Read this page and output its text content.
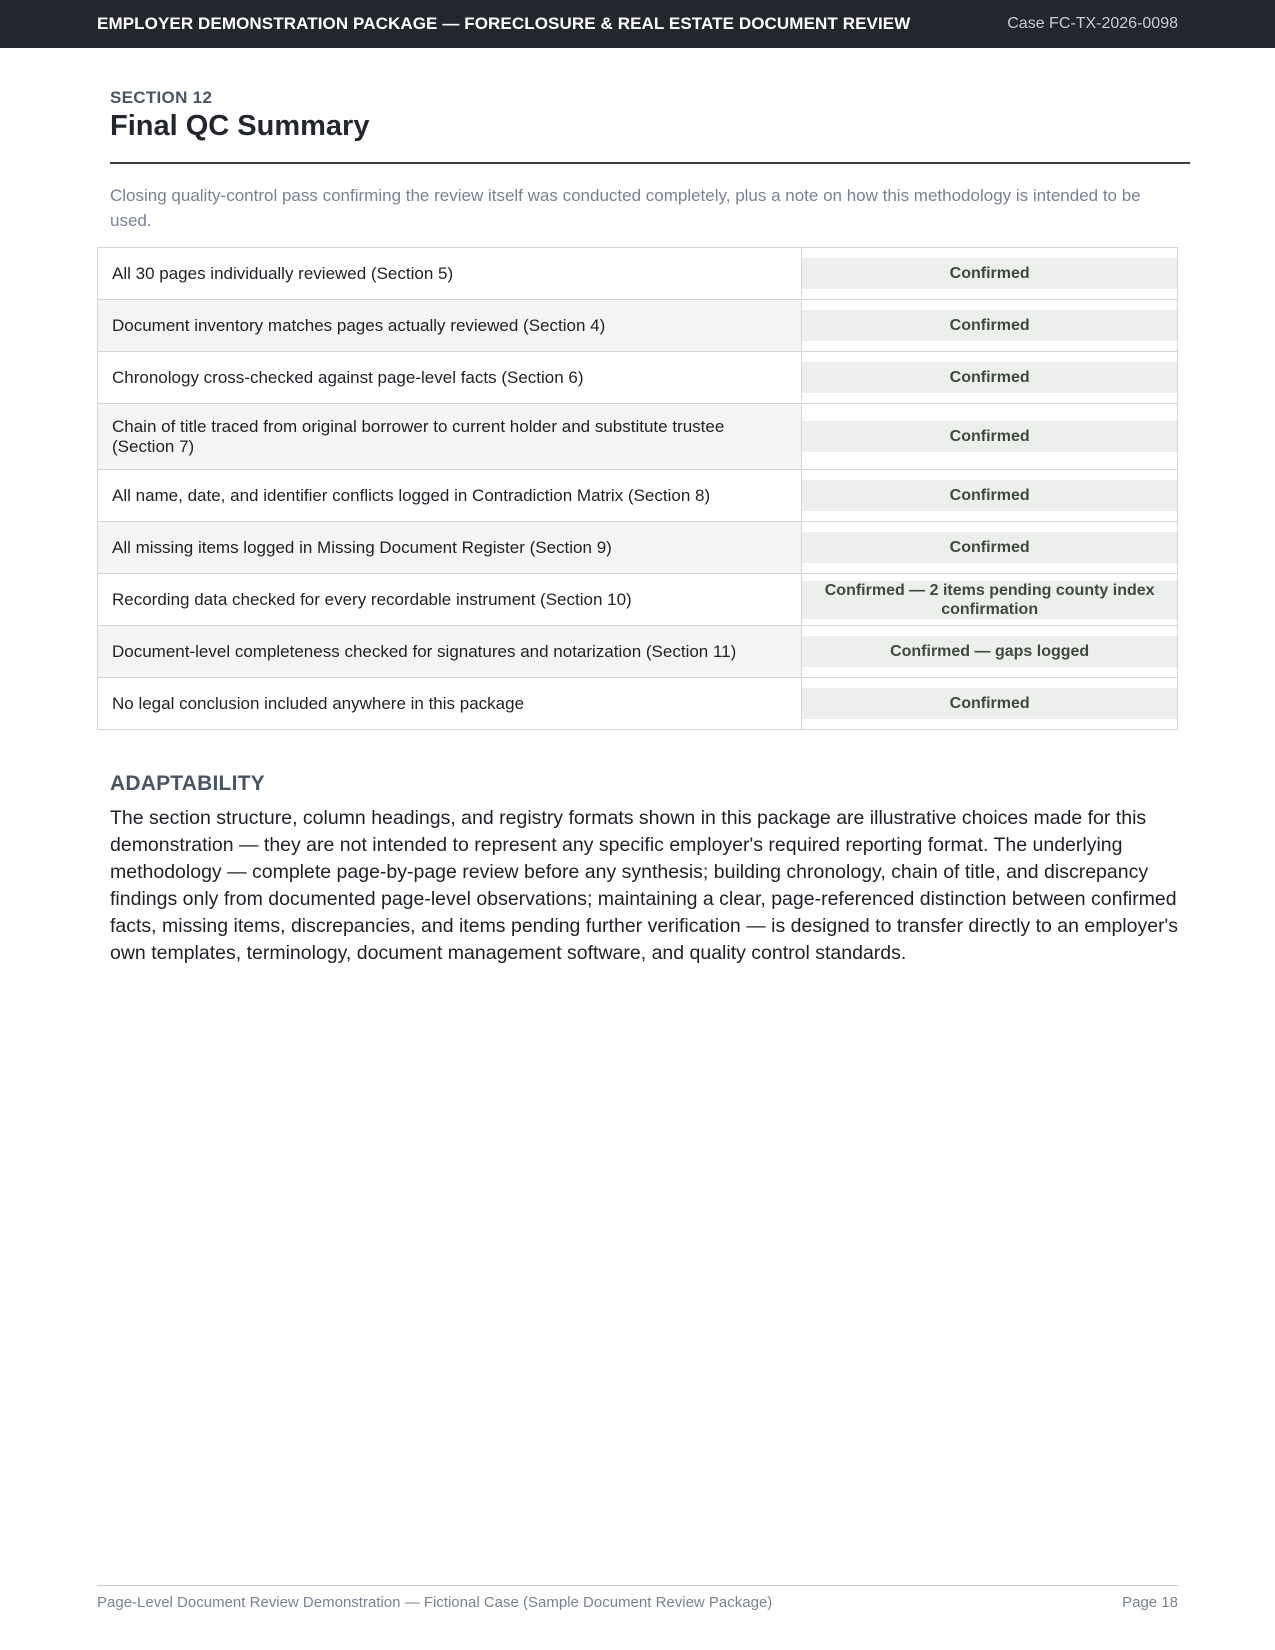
EMPLOYER DEMONSTRATION PACKAGE — FORECLOSURE & REAL ESTATE DOCUMENT REVIEW	Case FC-TX-2026-0098
SECTION 12
Final QC Summary
Closing quality-control pass confirming the review itself was conducted completely, plus a note on how this methodology is intended to be used.
All 30 pages individually reviewed (Section 5)	Confirmed

Document inventory matches pages actually reviewed (Section 4)	Confirmed

Chronology cross-checked against page-level facts (Section 6)	Confirmed

Chain of title traced from original borrower to current holder and substitute trustee (Section 7)	Confirmed

All name, date, and identifier conflicts logged in Contradiction Matrix (Section 8)	Confirmed

All missing items logged in Missing Document Register (Section 9)	Confirmed

Recording data checked for every recordable instrument (Section 10)	Confirmed — 2 items pending county index confirmation

Document-level completeness checked for signatures and notarization (Section 11)	Confirmed — gaps logged

No legal conclusion included anywhere in this package	Confirmed
ADAPTABILITY
The section structure, column headings, and registry formats shown in this package are illustrative choices made for this demonstration — they are not intended to represent any specific employer's required reporting format. The underlying methodology — complete page-by-page review before any synthesis; building chronology, chain of title, and discrepancy findings only from documented page-level observations; maintaining a clear, page-referenced distinction between confirmed facts, missing items, discrepancies, and items pending further verification — is designed to transfer directly to an employer's own templates, terminology, document management software, and quality control standards.
Page-Level Document Review Demonstration — Fictional Case (Sample Document Review Package)	Page 18
